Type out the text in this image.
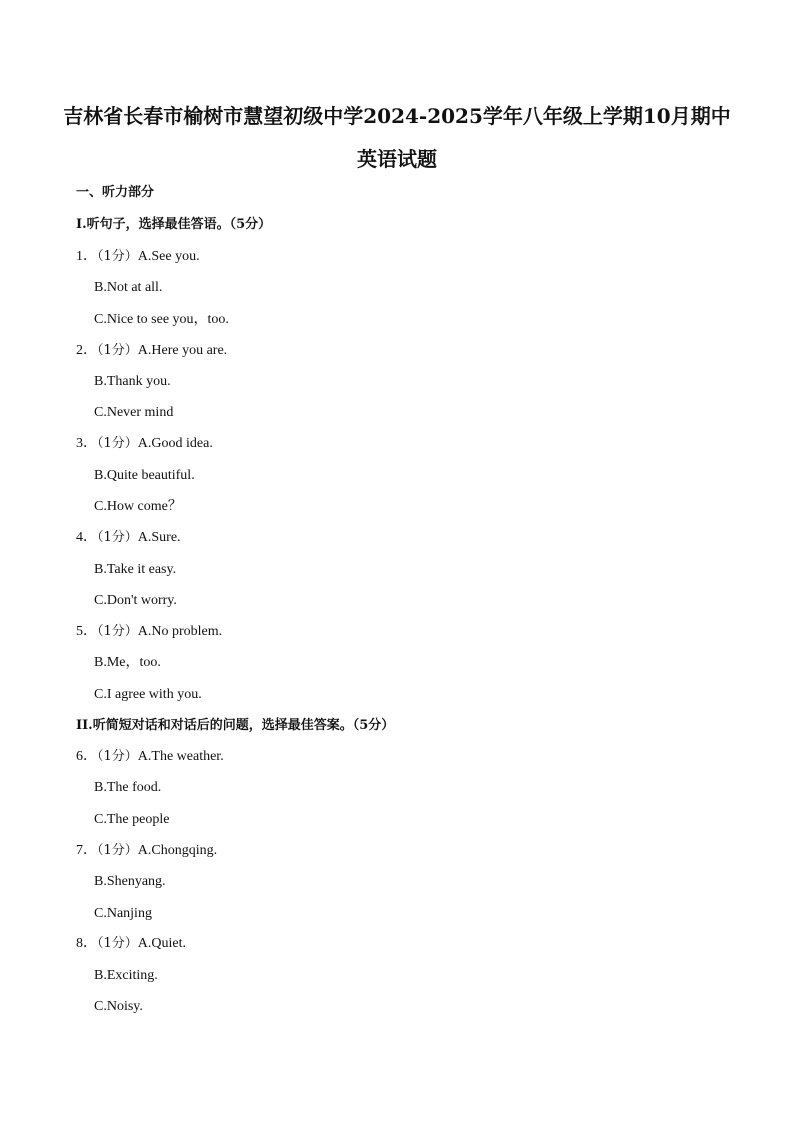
吉林省长春市榆树市慧望初级中学2024-2025学年八年级上学期10月期中
英语试题
一、听力部分
I.听句子，选择最佳答语。（5分）
1．（1分）A.See you.
B.Not at all.
C.Nice to see you，too.
2．（1分）A.Here you are.
B.Thank you.
C.Never mind
3．（1分）A.Good idea.
B.Quite beautiful.
C.How come？
4．（1分）A.Sure.
B.Take it easy.
C.Don't worry.
5．（1分）A.No problem.
B.Me，too.
C.I agree with you.
II.听简短对话和对话后的问题，选择最佳答案。（5分）
6．（1分）A.The weather.
B.The food.
C.The people
7．（1分）A.Chongqing.
B.Shenyang.
C.Nanjing
8．（1分）A.Quiet.
B.Exciting.
C.Noisy.
